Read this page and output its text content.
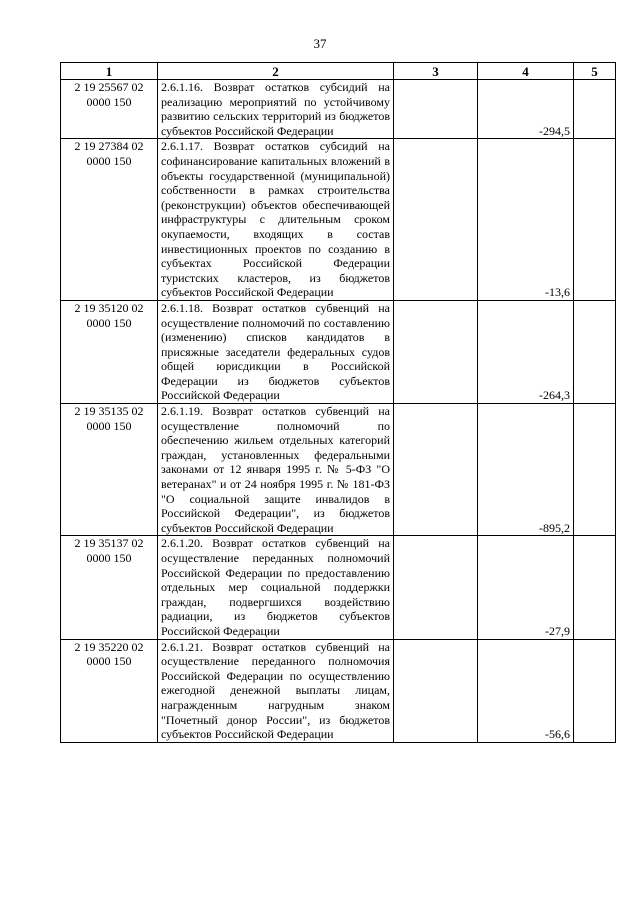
37
1	2	3	4	5

2 19 25567 02
0000 150	2.6.1.16. Возврат остатков субсидий на реализацию мероприятий по устойчивому развитию сельских территорий из бюджетов субъектов Российской Федерации		-294,5	

2 19 27384 02
0000 150	2.6.1.17. Возврат остатков субсидий на софинансирование капитальных вложений в объекты государственной (муниципальной) собственности в рамках строительства (реконструкции) объектов обеспечивающей инфраструктуры с длительным сроком окупаемости, входящих в состав инвестиционных проектов по созданию в субъектах Российской Федерации туристских кластеров, из бюджетов субъектов Российской Федерации		-13,6	

2 19 35120 02
0000 150	2.6.1.18. Возврат остатков субвенций на осуществление полномочий по составлению (изменению) списков кандидатов в присяжные заседатели федеральных судов общей юрисдикции в Российской Федерации из бюджетов субъектов Российской Федерации		-264,3	

2 19 35135 02
0000 150	2.6.1.19. Возврат остатков субвенций на осуществление полномочий по обеспечению жильем отдельных категорий граждан, установленных федеральными законами от 12 января 1995 г. № 5-ФЗ "О ветеранах" и от 24 ноября 1995 г. № 181-ФЗ "О социальной защите инвалидов в Российской Федерации", из бюджетов субъектов Российской Федерации		-895,2	

2 19 35137 02
0000 150	2.6.1.20. Возврат остатков субвенций на осуществление переданных полномочий Российской Федерации по предоставлению отдельных мер социальной поддержки граждан, подвергшихся воздействию радиации, из бюджетов субъектов Российской Федерации		-27,9	

2 19 35220 02
0000 150	2.6.1.21. Возврат остатков субвенций на осуществление переданного полномочия Российской Федерации по осуществлению ежегодной денежной выплаты лицам, награжденным нагрудным знаком "Почетный донор России", из бюджетов субъектов Российской Федерации		-56,6	
